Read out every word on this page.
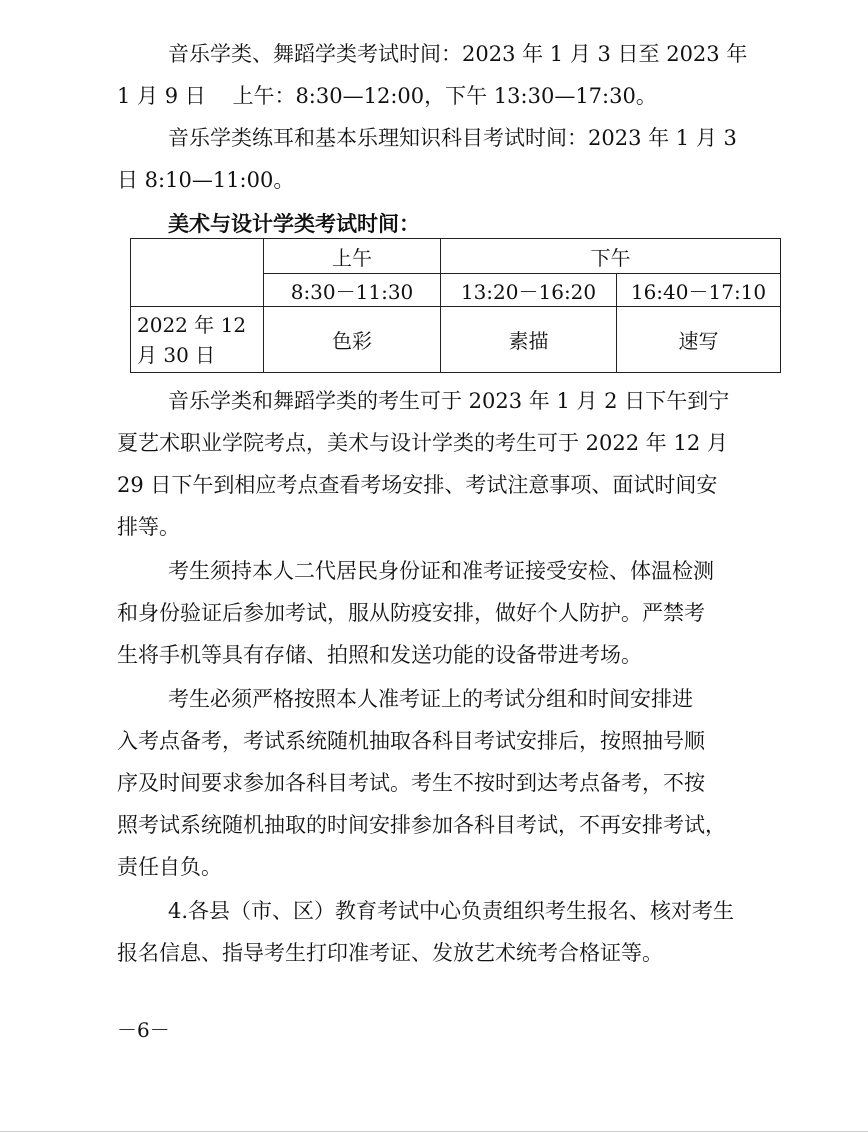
音乐学类、舞蹈学类考试时间：2023 年 1 月 3 日至 2023 年
1 月 9 日    上午：8:30—12:00，下午 13:30—17:30。
音乐学类练耳和基本乐理知识科目考试时间：2023 年 1 月 3
日 8:10—11:00。
美术与设计学类考试时间：
	上午	下午	
	8:30－11:30	13:20－16:20	16:40－17:10

2022 年 12
月 30 日	色彩	素描	速写
音乐学类和舞蹈学类的考生可于 2023 年 1 月 2 日下午到宁
夏艺术职业学院考点，美术与设计学类的考生可于 2022 年 12 月
29 日下午到相应考点查看考场安排、考试注意事项、面试时间安
排等。
考生须持本人二代居民身份证和准考证接受安检、体温检测
和身份验证后参加考试，服从防疫安排，做好个人防护。严禁考
生将手机等具有存储、拍照和发送功能的设备带进考场。
考生必须严格按照本人准考证上的考试分组和时间安排进
入考点备考，考试系统随机抽取各科目考试安排后，按照抽号顺
序及时间要求参加各科目考试。考生不按时到达考点备考，不按
照考试系统随机抽取的时间安排参加各科目考试，不再安排考试，
责任自负。
4.各县（市、区）教育考试中心负责组织考生报名、核对考生
报名信息、指导考生打印准考证、发放艺术统考合格证等。
－6－
